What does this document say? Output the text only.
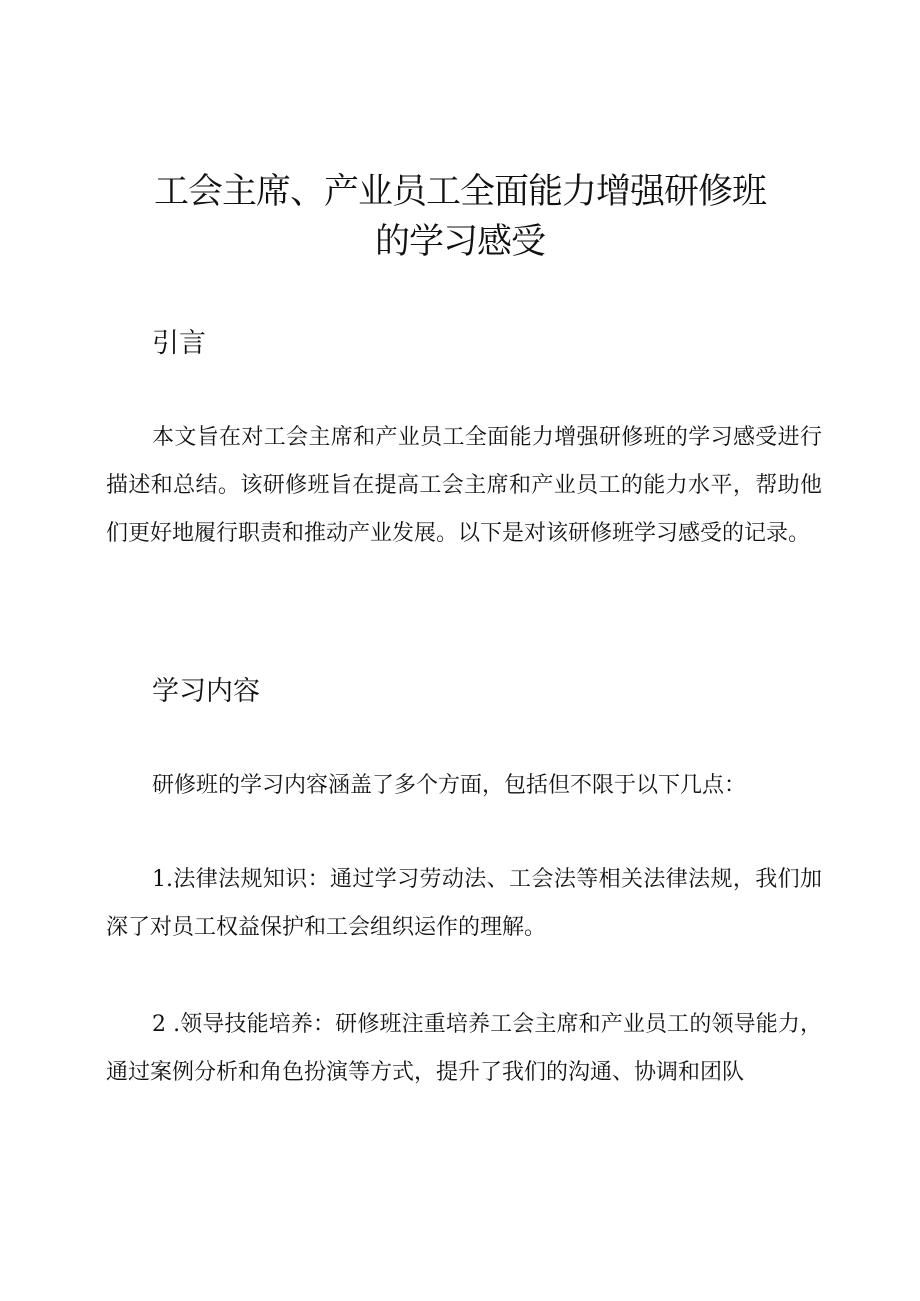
工会主席、产业员工全面能力增强研修班
的学习感受
引言

本文旨在对工会主席和产业员工全面能力增强研修班的学习感受进行描述和总结。该研修班旨在提高工会主席和产业员工的能力水平，帮助他们更好地履行职责和推动产业发展。以下是对该研修班学习感受的记录。

学习内容

研修班的学习内容涵盖了多个方面，包括但不限于以下几点：

1.法律法规知识：通过学习劳动法、工会法等相关法律法规，我们加深了对员工权益保护和工会组织运作的理解。

2 .领导技能培养：研修班注重培养工会主席和产业员工的领导能力，通过案例分析和角色扮演等方式，提升了我们的沟通、协调和团队
